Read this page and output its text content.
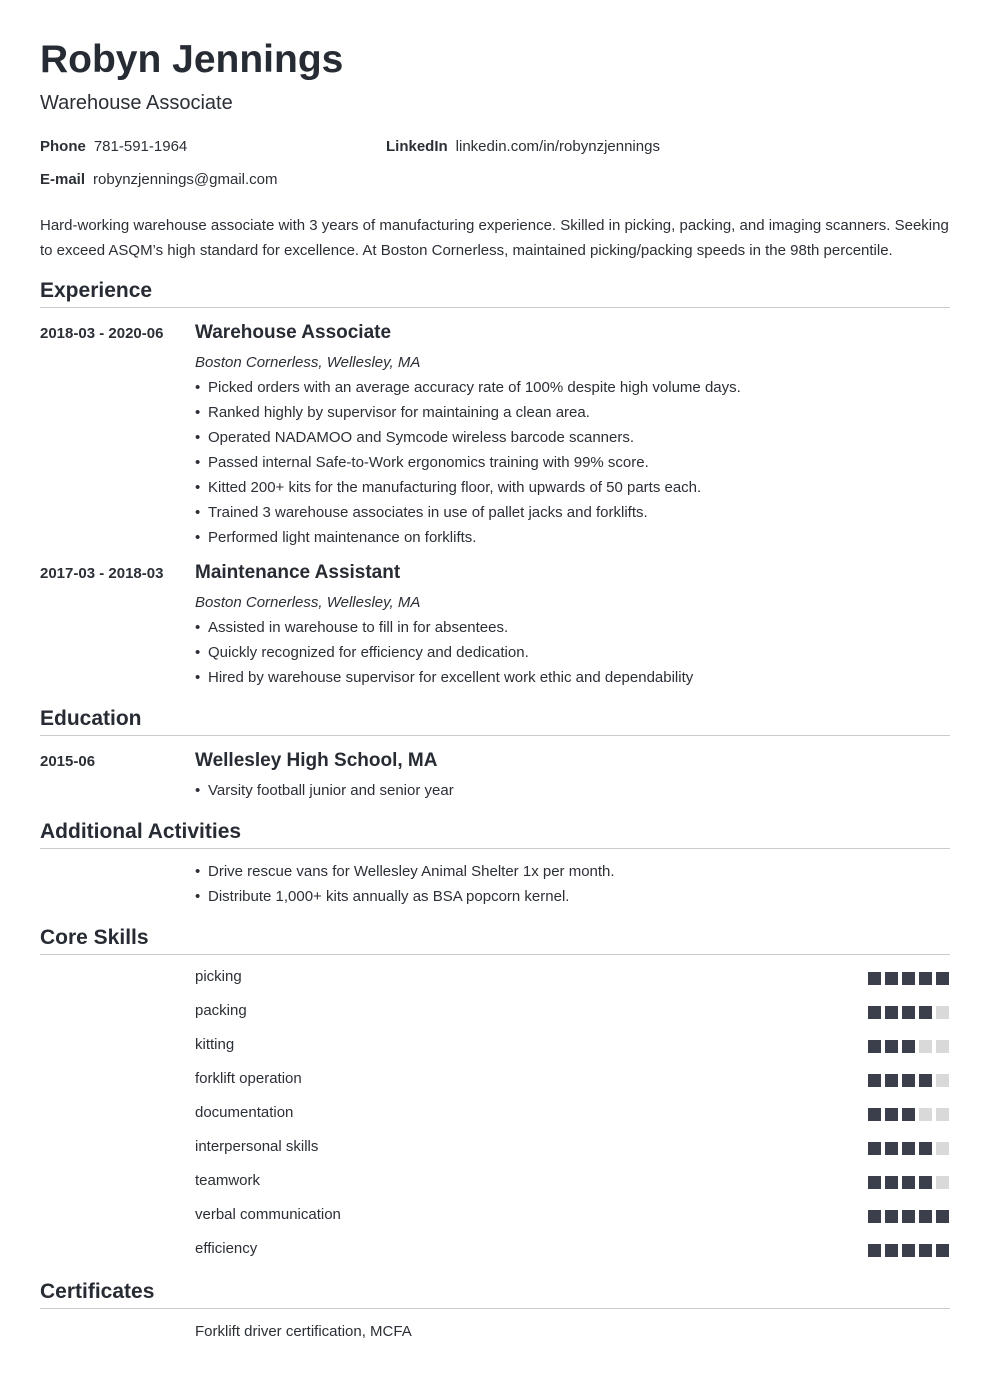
Robyn Jennings
Warehouse Associate
Phone 781-591-1964	LinkedIn linkedin.com/in/robynzjennings
E-mail robynzjennings@gmail.com

Hard-working warehouse associate with 3 years of manufacturing experience. Skilled in picking, packing, and imaging scanners. Seeking to exceed ASQM’s high standard for excellence. At Boston Cornerless, maintained picking/packing speeds in the 98th percentile.

Experience
2018-03 - 2020-06 Warehouse Associate
Boston Cornerless, Wellesley, MA
• Picked orders with an average accuracy rate of 100% despite high volume days.
• Ranked highly by supervisor for maintaining a clean area.
• Operated NADAMOO and Symcode wireless barcode scanners.
• Passed internal Safe-to-Work ergonomics training with 99% score.
• Kitted 200+ kits for the manufacturing floor, with upwards of 50 parts each.
• Trained 3 warehouse associates in use of pallet jacks and forklifts.
• Performed light maintenance on forklifts.
2017-03 - 2018-03 Maintenance Assistant
Boston Cornerless, Wellesley, MA
• Assisted in warehouse to fill in for absentees.
• Quickly recognized for efficiency and dedication.
• Hired by warehouse supervisor for excellent work ethic and dependability
Education
2015-06	Wellesley High School, MA
• Varsity football junior and senior year
Additional Activities
• Drive rescue vans for Wellesley Animal Shelter 1x per month.
• Distribute 1,000+ kits annually as BSA popcorn kernel.
Core Skills
picking
packing
kitting
forklift operation
documentation
interpersonal skills
teamwork
verbal communication
efficiency
Certificates
Forklift driver certification, MCFA
